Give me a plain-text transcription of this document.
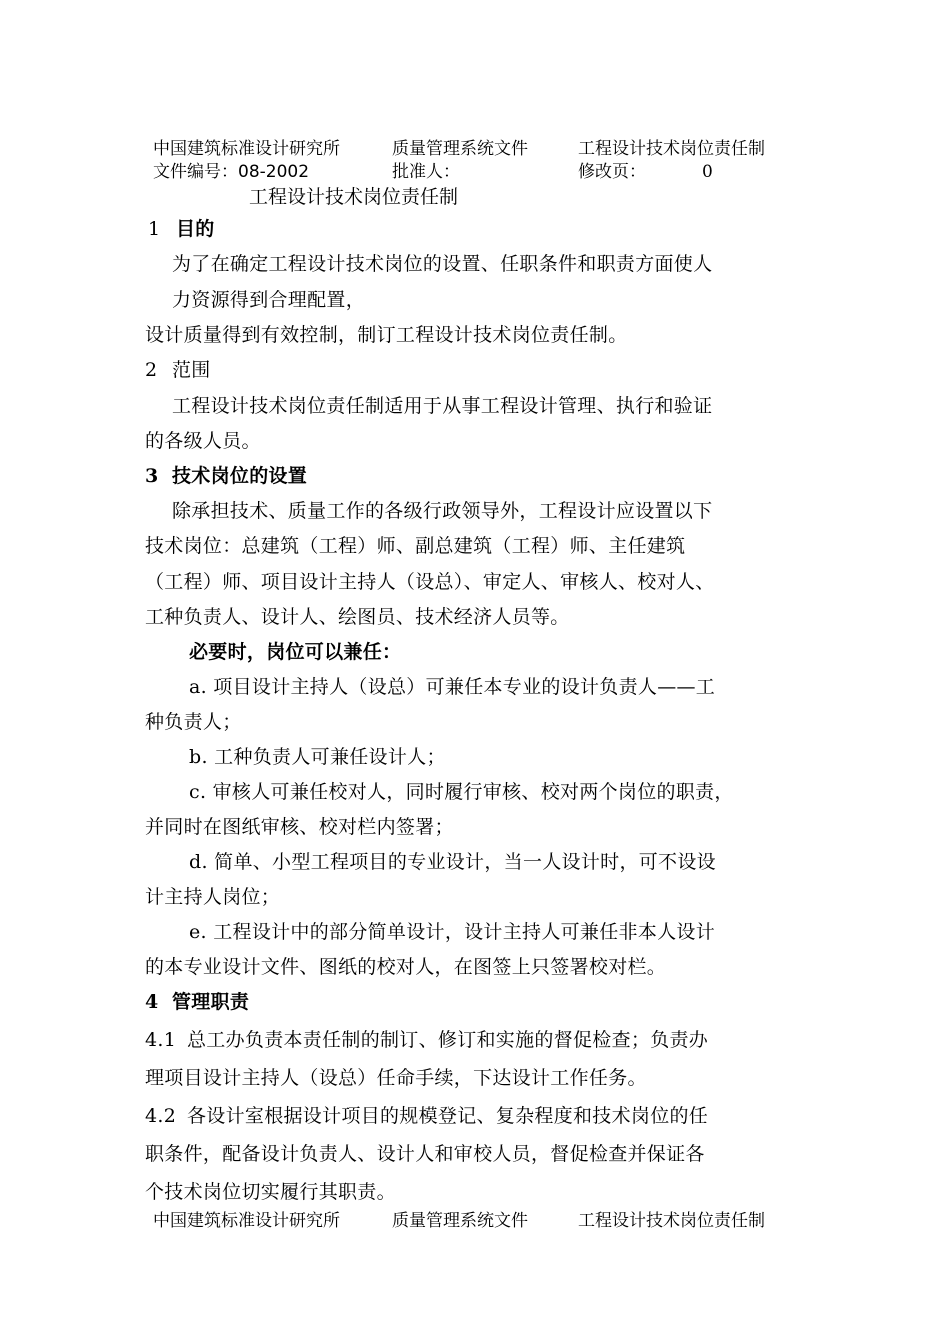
中国建筑标准设计研究所	质量管理系统文件	工程设计技术岗位责任制
文件编号：08-2002	批准人：	修改页：	0
工程设计技术岗位责任制
1 目的
为了在确定工程设计技术岗位的设置、任职条件和职责方面使人
力资源得到合理配置，
设计质量得到有效控制，制订工程设计技术岗位责任制。
2 范围
工程设计技术岗位责任制适用于从事工程设计管理、执行和验证
的各级人员。
3 技术岗位的设置
除承担技术、质量工作的各级行政领导外，工程设计应设置以下
技术岗位：总建筑（工程）师、副总建筑（工程）师、主任建筑
（工程）师、项目设计主持人（设总）、审定人、审核人、校对人、
工种负责人、设计人、绘图员、技术经济人员等。
必要时，岗位可以兼任：
a. 项目设计主持人（设总）可兼任本专业的设计负责人——工
种负责人；
b. 工种负责人可兼任设计人；
c. 审核人可兼任校对人，同时履行审核、校对两个岗位的职责，
并同时在图纸审核、校对栏内签署；
d. 简单、小型工程项目的专业设计，当一人设计时，可不设设
计主持人岗位；
e. 工程设计中的部分简单设计，设计主持人可兼任非本人设计
的本专业设计文件、图纸的校对人，在图签上只签署校对栏。
4 管理职责
4.1 总工办负责本责任制的制订、修订和实施的督促检查；负责办
理项目设计主持人（设总）任命手续，下达设计工作任务。
4.2 各设计室根据设计项目的规模登记、复杂程度和技术岗位的任
职条件，配备设计负责人、设计人和审校人员，督促检查并保证各
个技术岗位切实履行其职责。
中国建筑标准设计研究所	质量管理系统文件	工程设计技术岗位责任制
